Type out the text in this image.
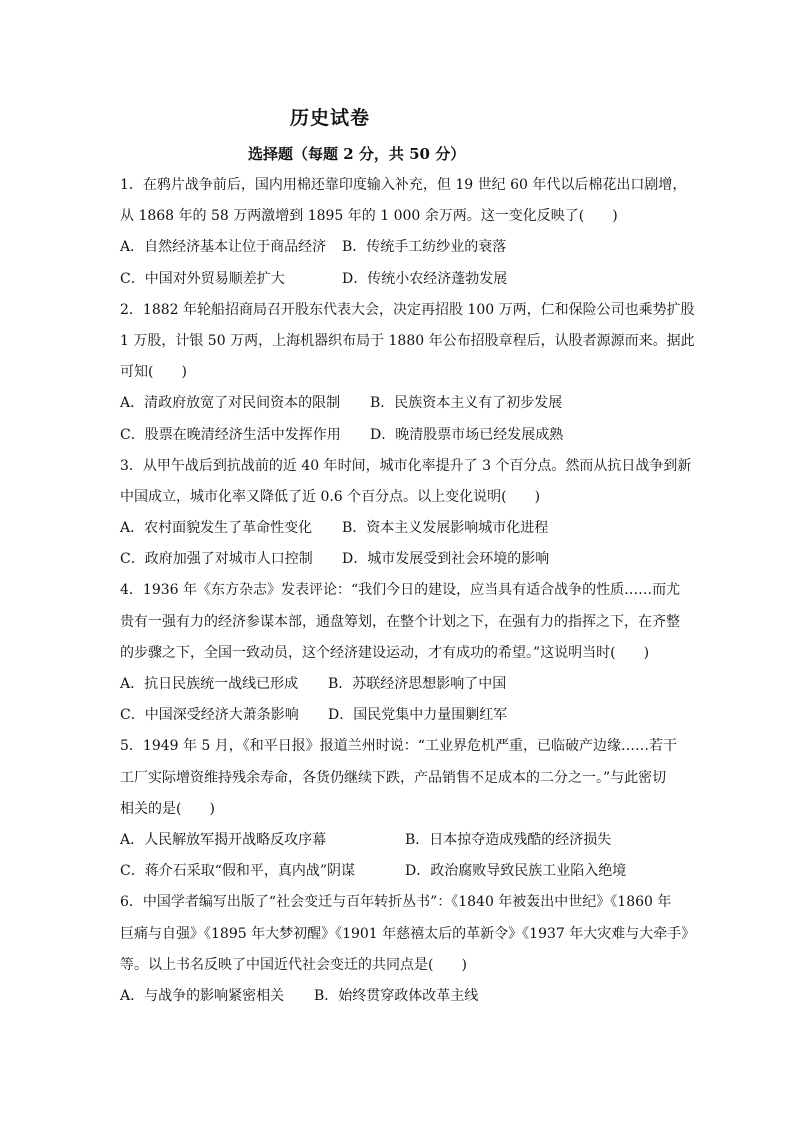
历史试卷
选择题（每题 2 分，共 50 分）
1．在鸦片战争前后，国内用棉还靠印度输入补充，但 19 世纪 60 年代以后棉花出口剧增，
从 1868 年的 58 万两激增到 1895 年的 1 000 余万两。这一变化反映了(　　)
A．自然经济基本让位于商品经济 B．传统手工纺纱业的衰落
C．中国对外贸易顺差扩大	D．传统小农经济蓬勃发展
2．1882 年轮船招商局召开股东代表大会，决定再招股 100 万两，仁和保险公司也乘势扩股
1 万股，计银 50 万两，上海机器织布局于 1880 年公布招股章程后，认股者源源而来。据此
可知(　　)
A．清政府放宽了对民间资本的限制 B．民族资本主义有了初步发展
C．股票在晚清经济生活中发挥作用 D．晚清股票市场已经发展成熟
3．从甲午战后到抗战前的近 40 年时间，城市化率提升了 3 个百分点。然而从抗日战争到新
中国成立，城市化率又降低了近 0.6 个百分点。以上变化说明(　　)
A．农村面貌发生了革命性变化 B．资本主义发展影响城市化进程
C．政府加强了对城市人口控制 D．城市发展受到社会环境的影响
4．1936 年《东方杂志》发表评论：“我们今日的建设，应当具有适合战争的性质……而尤
贵有一强有力的经济参谋本部，通盘筹划，在整个计划之下，在强有力的指挥之下，在齐整
的步骤之下，全国一致动员，这个经济建设运动，才有成功的希望。”这说明当时(　　)
A．抗日民族统一战线已形成 B．苏联经济思想影响了中国
C．中国深受经济大萧条影响 D．国民党集中力量围剿红军
5．1949 年 5 月，《和平日报》报道兰州时说：“工业界危机严重，已临破产边缘……若干
工厂实际增资维持残余寿命，各货仍继续下跌，产品销售不足成本的二分之一。”与此密切
相关的是(　　)
A．人民解放军揭开战略反攻序幕	B．日本掠夺造成残酷的经济损失
C．蒋介石采取“假和平，真内战”阴谋	D．政治腐败导致民族工业陷入绝境
6．中国学者编写出版了“社会变迁与百年转折丛书”：《1840 年被轰出中世纪》《1860 年
巨痛与自强》《1895 年大梦初醒》《1901 年慈禧太后的革新令》《1937 年大灾难与大牵手》
等。以上书名反映了中国近代社会变迁的共同点是(　　)
A．与战争的影响紧密相关 B．始终贯穿政体改革主线
